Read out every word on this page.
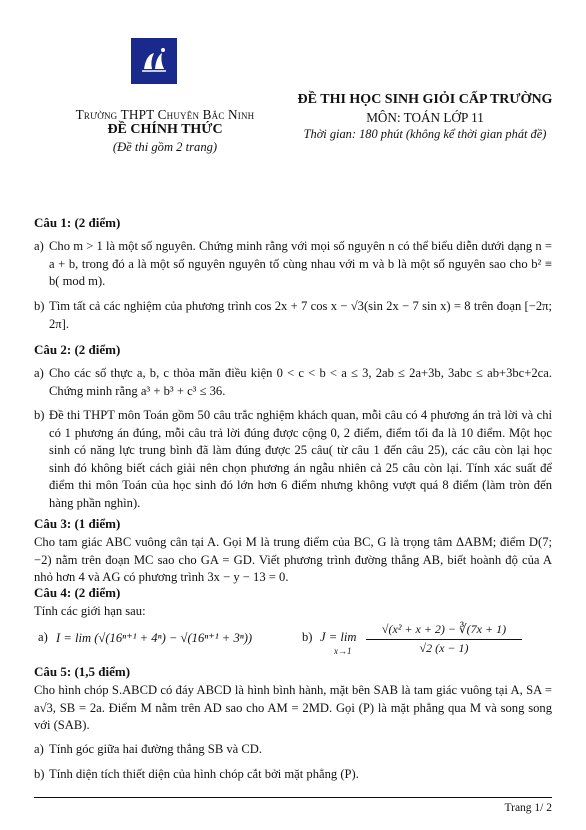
Trường THPT Chuyên Bắc Ninh
ĐỀ CHÍNH THỨC
(Đề thi gồm 2 trang)
ĐỀ THI HỌC SINH GIỎI CẤP TRƯỜNG
MÔN: TOÁN LỚP 11
Thời gian: 180 phút (không kể thời gian phát đề)
Câu 1: (2 điểm)
a) Cho m > 1 là một số nguyên. Chứng minh rằng với mọi số nguyên n có thể biểu diễn dưới dạng n = a + b, trong đó a là một số nguyên nguyên tố cùng nhau với m và b là một số nguyên sao cho b² ≡ b( mod m).
b) Tìm tất cả các nghiệm của phương trình cos 2x + 7 cos x − √3(sin 2x − 7 sin x) = 8 trên đoạn [−2π; 2π].
Câu 2: (2 điểm)
a) Cho các số thực a, b, c thỏa mãn điều kiện 0 < c < b < a ≤ 3, 2ab ≤ 2a+3b, 3abc ≤ ab+3bc+2ca. Chứng minh rằng a³ + b³ + c³ ≤ 36.
b) Đề thi THPT môn Toán gồm 50 câu trắc nghiệm khách quan, mỗi câu có 4 phương án trả lời và chỉ có 1 phương án đúng, mỗi câu trả lời đúng được cộng 0, 2 điểm, điểm tối đa là 10 điểm. Một học sinh có năng lực trung bình đã làm đúng được 25 câu( từ câu 1 đến câu 25), các câu còn lại học sinh đó không biết cách giải nên chọn phương án ngẫu nhiên cả 25 câu còn lại. Tính xác suất để điểm thi môn Toán của học sinh đó lớn hơn 6 điểm nhưng không vượt quá 8 điểm (làm tròn đến hàng phần nghìn).
Câu 3: (1 điểm)
Cho tam giác ABC vuông cân tại A. Gọi M là trung điểm của BC, G là trọng tâm ΔABM; điểm D(7; −2) nằm trên đoạn MC sao cho GA = GD. Viết phương trình đường thẳng AB, biết hoành độ của A nhỏ hơn 4 và AG có phương trình 3x − y − 13 = 0.
Câu 4: (2 điểm)
Tính các giới hạn sau:
a) I = lim (√(16ⁿ⁺¹ + 4ⁿ) − √(16ⁿ⁺¹ + 3ⁿ))	b) J = lim
x→1
√(x² + x + 2) − ∛(7x + 1)
√2 (x − 1)
Câu 5: (1,5 điểm)
Cho hình chóp S.ABCD có đáy ABCD là hình bình hành, mặt bên SAB là tam giác vuông tại A, SA = a√3, SB = 2a. Điểm M nằm trên AD sao cho AM = 2MD. Gọi (P) là mặt phẳng qua M và song song với (SAB).
a) Tính góc giữa hai đường thẳng SB và CD.
b) Tính diện tích thiết diện của hình chóp cắt bởi mặt phẳng (P).
Trang 1/ 2
